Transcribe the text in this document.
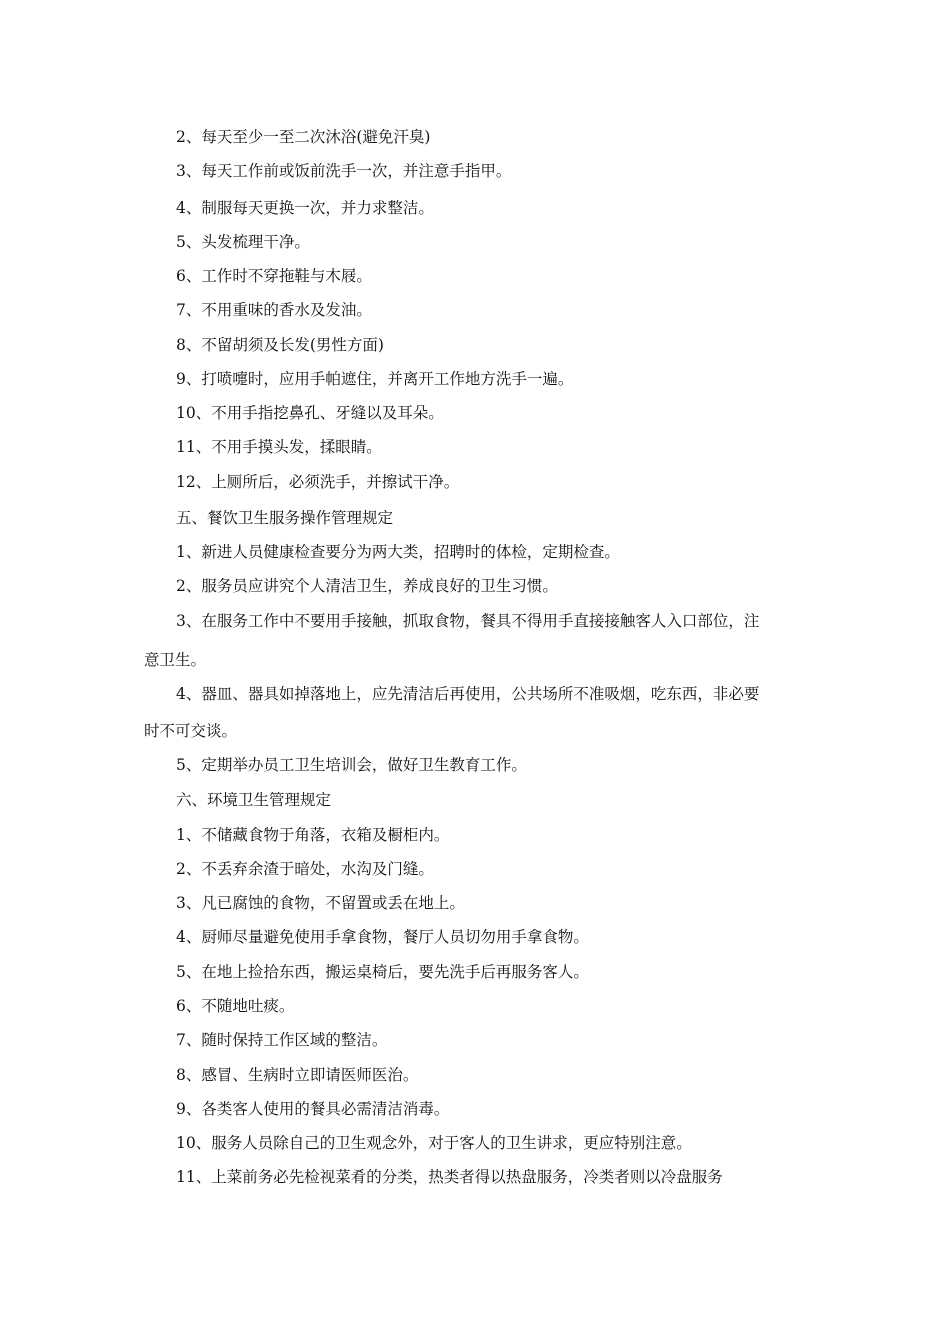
2、每天至少一至二次沐浴(避免汗臭)
3、每天工作前或饭前洗手一次，并注意手指甲。
4、制服每天更换一次，并力求整洁。
5、头发梳理干净。
6、工作时不穿拖鞋与木屐。
7、不用重味的香水及发油。
8、不留胡须及长发(男性方面)
9、打喷嚏时，应用手帕遮住，并离开工作地方洗手一遍。
10、不用手指挖鼻孔、牙缝以及耳朵。
11、不用手摸头发，揉眼睛。
12、上厕所后，必须洗手，并擦试干净。
五、餐饮卫生服务操作管理规定
1、新进人员健康检查要分为两大类，招聘时的体检，定期检查。
2、服务员应讲究个人清洁卫生，养成良好的卫生习惯。
3、在服务工作中不要用手接触，抓取食物，餐具不得用手直接接触客人入口部位，注
意卫生。
4、器皿、器具如掉落地上，应先清洁后再使用，公共场所不准吸烟，吃东西，非必要
时不可交谈。
5、定期举办员工卫生培训会，做好卫生教育工作。
六、环境卫生管理规定
1、不储藏食物于角落，衣箱及橱柜内。
2、不丢弃余渣于暗处，水沟及门缝。
3、凡已腐蚀的食物，不留置或丢在地上。
4、厨师尽量避免使用手拿食物，餐厅人员切勿用手拿食物。
5、在地上捡拾东西，搬运桌椅后，要先洗手后再服务客人。
6、不随地吐痰。
7、随时保持工作区域的整洁。
8、感冒、生病时立即请医师医治。
9、各类客人使用的餐具必需清洁消毒。
10、服务人员除自己的卫生观念外，对于客人的卫生讲求，更应特别注意。
11、上菜前务必先检视菜肴的分类，热类者得以热盘服务，冷类者则以冷盘服务
